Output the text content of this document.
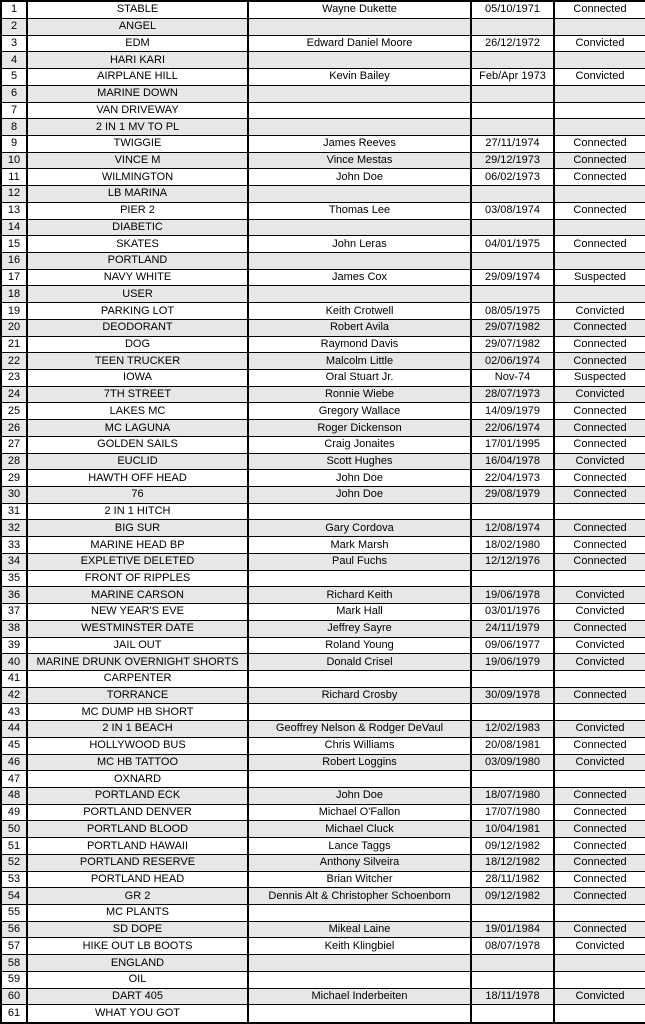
1	STABLE	Wayne Dukette	05/10/1971	Connected
2	ANGEL			
3	EDM	Edward Daniel Moore	26/12/1972	Convicted
4	HARI KARI			
5	AIRPLANE HILL	Kevin Bailey	Feb/Apr 1973	Convicted
6	MARINE DOWN			
7	VAN DRIVEWAY			
8	2 IN 1 MV TO PL			
9	TWIGGIE	James Reeves	27/11/1974	Connected
10	VINCE M	Vince Mestas	29/12/1973	Connected
11	WILMINGTON	John Doe	06/02/1973	Connected
12	LB MARINA			
13	PIER 2	Thomas Lee	03/08/1974	Connected
14	DIABETIC			
15	SKATES	John Leras	04/01/1975	Connected
16	PORTLAND			
17	NAVY WHITE	James Cox	29/09/1974	Suspected
18	USER			
19	PARKING LOT	Keith Crotwell	08/05/1975	Convicted
20	DEODORANT	Robert Avila	29/07/1982	Connected
21	DOG	Raymond Davis	29/07/1982	Connected
22	TEEN TRUCKER	Malcolm Little	02/06/1974	Connected
23	IOWA	Oral Stuart Jr.	Nov-74	Suspected
24	7TH STREET	Ronnie Wiebe	28/07/1973	Convicted
25	LAKES MC	Gregory Wallace	14/09/1979	Connected
26	MC LAGUNA	Roger Dickenson	22/06/1974	Connected
27	GOLDEN SAILS	Craig Jonaites	17/01/1995	Connected
28	EUCLID	Scott Hughes	16/04/1978	Convicted
29	HAWTH OFF HEAD	John Doe	22/04/1973	Connected
30	76	John Doe	29/08/1979	Connected
31	2 IN 1 HITCH			
32	BIG SUR	Gary Cordova	12/08/1974	Connected
33	MARINE HEAD BP	Mark Marsh	18/02/1980	Connected
34	EXPLETIVE DELETED	Paul Fuchs	12/12/1976	Connected
35	FRONT OF RIPPLES			
36	MARINE CARSON	Richard Keith	19/06/1978	Convicted
37	NEW YEAR'S EVE	Mark Hall	03/01/1976	Convicted
38	WESTMINSTER DATE	Jeffrey Sayre	24/11/1979	Connected
39	JAIL OUT	Roland Young	09/06/1977	Convicted
40	MARINE DRUNK OVERNIGHT SHORTS	Donald Crisel	19/06/1979	Convicted
41	CARPENTER			
42	TORRANCE	Richard Crosby	30/09/1978	Connected
43	MC DUMP HB SHORT			
44	2 IN 1 BEACH	Geoffrey Nelson & Rodger DeVaul	12/02/1983	Convicted
45	HOLLYWOOD BUS	Chris Williams	20/08/1981	Connected
46	MC HB TATTOO	Robert Loggins	03/09/1980	Convicted
47	OXNARD			
48	PORTLAND ECK	John Doe	18/07/1980	Connected
49	PORTLAND DENVER	Michael O'Fallon	17/07/1980	Connected
50	PORTLAND BLOOD	Michael Cluck	10/04/1981	Connected
51	PORTLAND HAWAII	Lance Taggs	09/12/1982	Connected
52	PORTLAND RESERVE	Anthony Silveira	18/12/1982	Connected
53	PORTLAND HEAD	Brian Witcher	28/11/1982	Connected
54	GR 2	Dennis Alt & Christopher Schoenborn	09/12/1982	Connected
55	MC PLANTS			
56	SD DOPE	Mikeal Laine	19/01/1984	Connected
57	HIKE OUT LB BOOTS	Keith Klingbiel	08/07/1978	Convicted
58	ENGLAND			
59	OIL			
60	DART 405	Michael Inderbeiten	18/11/1978	Convicted
61	WHAT YOU GOT			
